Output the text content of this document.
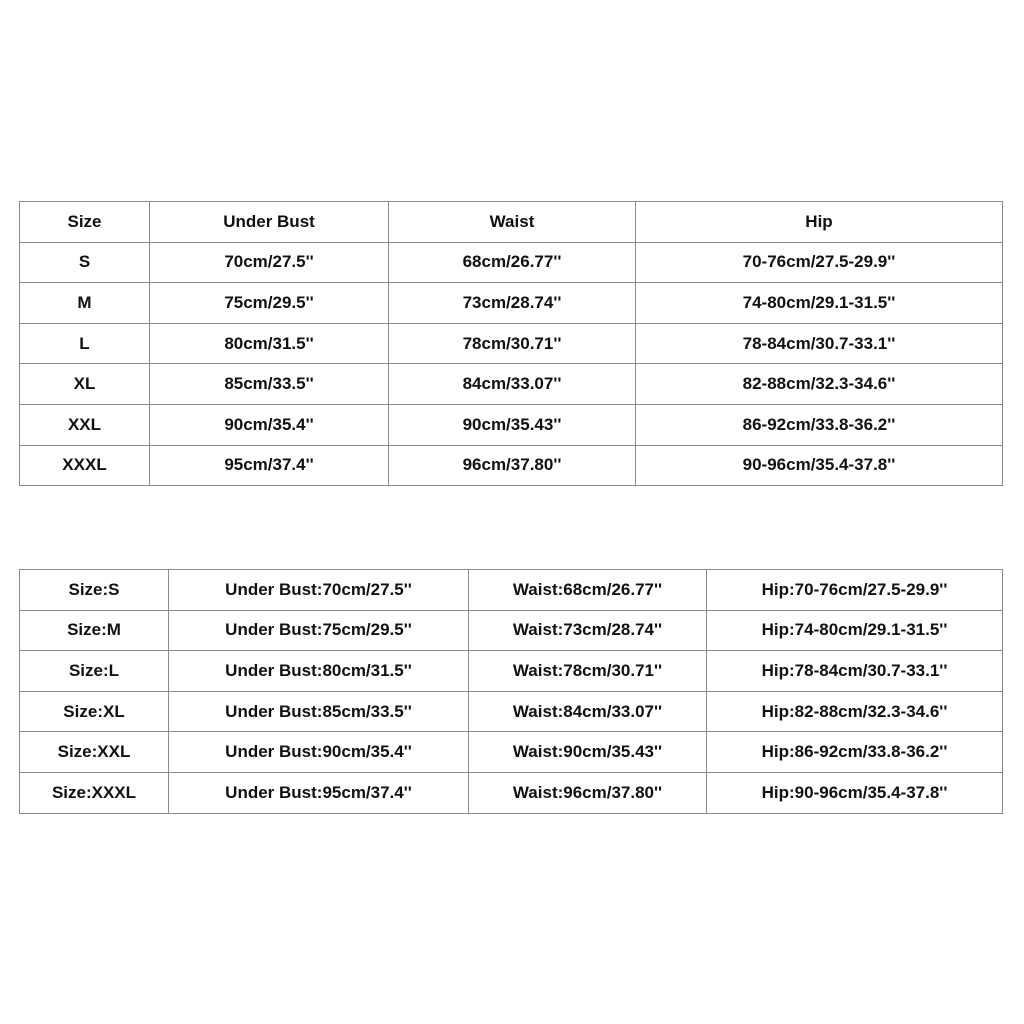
Size	Under Bust	Waist	Hip
S	70cm/27.5''	68cm/26.77''	70-76cm/27.5-29.9''
M	75cm/29.5''	73cm/28.74''	74-80cm/29.1-31.5''
L	80cm/31.5''	78cm/30.71''	78-84cm/30.7-33.1''
XL	85cm/33.5''	84cm/33.07''	82-88cm/32.3-34.6''
XXL	90cm/35.4''	90cm/35.43''	86-92cm/33.8-36.2''
XXXL	95cm/37.4''	96cm/37.80''	90-96cm/35.4-37.8''
Size:S	Under Bust:70cm/27.5''	Waist:68cm/26.77''	Hip:70-76cm/27.5-29.9''
Size:M	Under Bust:75cm/29.5''	Waist:73cm/28.74''	Hip:74-80cm/29.1-31.5''
Size:L	Under Bust:80cm/31.5''	Waist:78cm/30.71''	Hip:78-84cm/30.7-33.1''
Size:XL	Under Bust:85cm/33.5''	Waist:84cm/33.07''	Hip:82-88cm/32.3-34.6''
Size:XXL	Under Bust:90cm/35.4''	Waist:90cm/35.43''	Hip:86-92cm/33.8-36.2''
Size:XXXL	Under Bust:95cm/37.4''	Waist:96cm/37.80''	Hip:90-96cm/35.4-37.8''
